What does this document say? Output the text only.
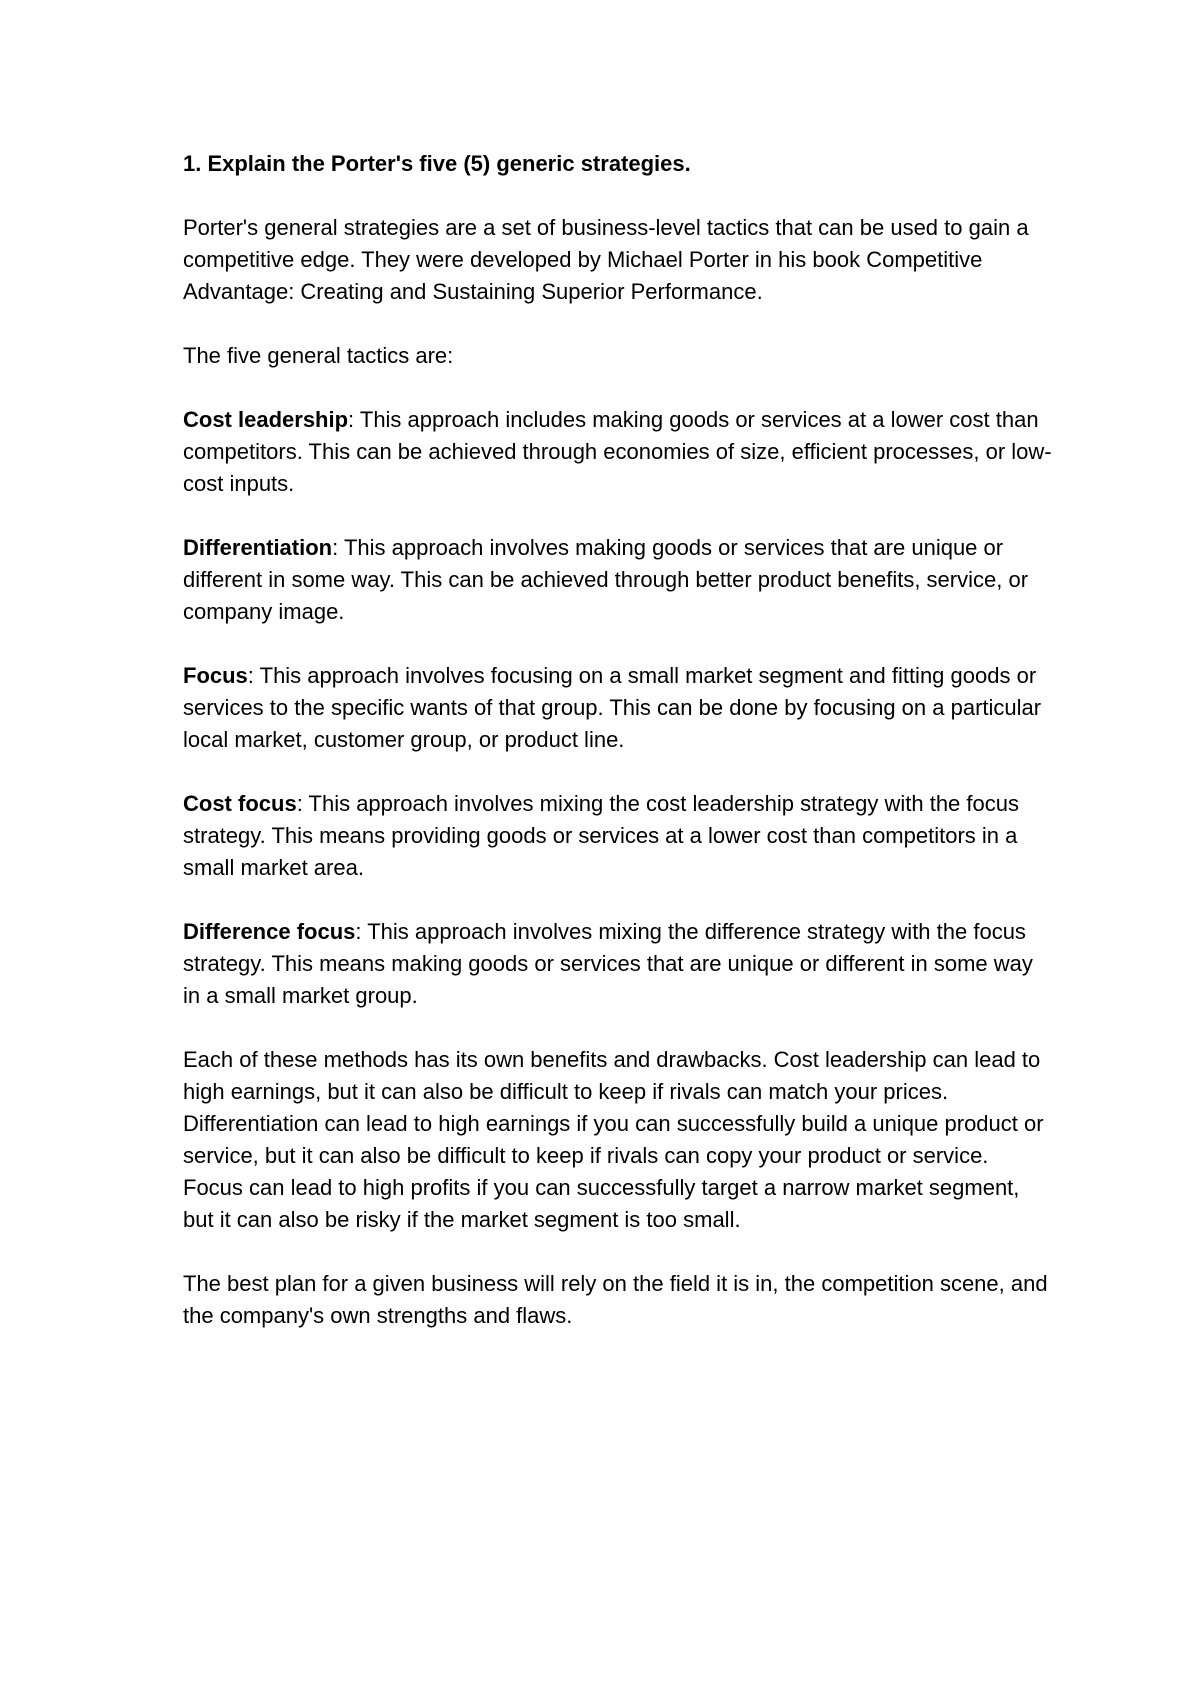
1. Explain the Porter's five (5) generic strategies.

Porter's general strategies are a set of business-level tactics that can be used to gain a competitive edge. They were developed by Michael Porter in his book Competitive Advantage: Creating and Sustaining Superior Performance.

The five general tactics are:

Cost leadership: This approach includes making goods or services at a lower cost than competitors. This can be achieved through economies of size, efficient processes, or low-cost inputs.

Differentiation: This approach involves making goods or services that are unique or different in some way. This can be achieved through better product benefits, service, or company image.

Focus: This approach involves focusing on a small market segment and fitting goods or services to the specific wants of that group. This can be done by focusing on a particular local market, customer group, or product line.

Cost focus: This approach involves mixing the cost leadership strategy with the focus strategy. This means providing goods or services at a lower cost than competitors in a small market area.

Difference focus: This approach involves mixing the difference strategy with the focus strategy. This means making goods or services that are unique or different in some way in a small market group.

Each of these methods has its own benefits and drawbacks. Cost leadership can lead to high earnings, but it can also be difficult to keep if rivals can match your prices. Differentiation can lead to high earnings if you can successfully build a unique product or service, but it can also be difficult to keep if rivals can copy your product or service. Focus can lead to high profits if you can successfully target a narrow market segment, but it can also be risky if the market segment is too small.

The best plan for a given business will rely on the field it is in, the competition scene, and the company's own strengths and flaws.
